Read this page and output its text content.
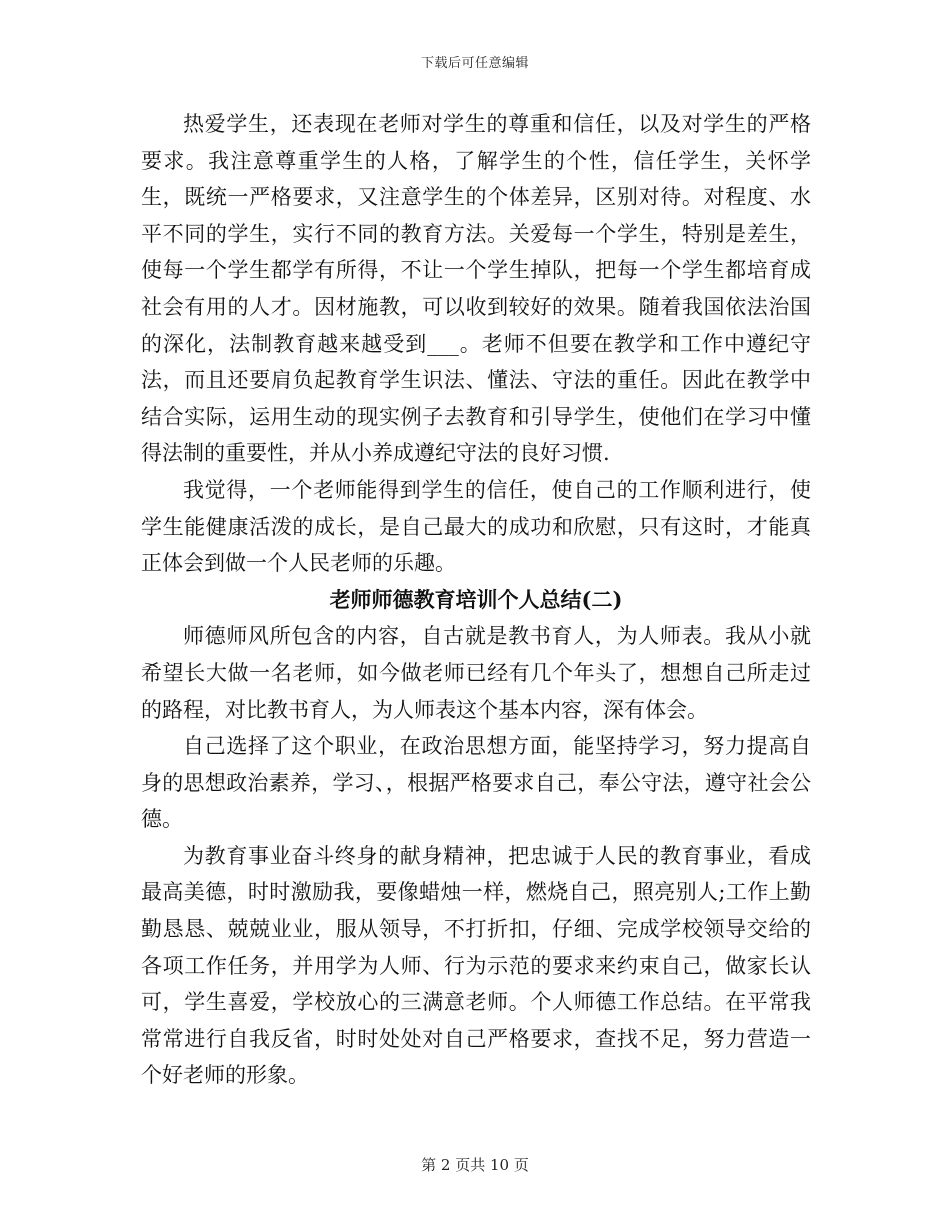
下载后可任意编辑

热爱学生，还表现在老师对学生的尊重和信任，以及对学生的严格要求。我注意尊重学生的人格，了解学生的个性，信任学生，关怀学生，既统一严格要求，又注意学生的个体差异，区别对待。对程度、水平不同的学生，实行不同的教育方法。关爱每一个学生，特别是差生，使每一个学生都学有所得，不让一个学生掉队，把每一个学生都培育成社会有用的人才。因材施教，可以收到较好的效果。随着我国依法治国的深化，法制教育越来越受到___。老师不但要在教学和工作中遵纪守法，而且还要肩负起教育学生识法、懂法、守法的重任。因此在教学中结合实际，运用生动的现实例子去教育和引导学生，使他们在学习中懂得法制的重要性，并从小养成遵纪守法的良好习惯.

我觉得，一个老师能得到学生的信任，使自己的工作顺利进行，使学生能健康活泼的成长，是自己最大的成功和欣慰，只有这时，才能真正体会到做一个人民老师的乐趣。

老师师德教育培训个人总结(二)

师德师风所包含的内容，自古就是教书育人，为人师表。我从小就希望长大做一名老师，如今做老师已经有几个年头了，想想自己所走过的路程，对比教书育人，为人师表这个基本内容，深有体会。

自己选择了这个职业，在政治思想方面，能坚持学习，努力提高自身的思想政治素养，学习、，根据严格要求自己，奉公守法，遵守社会公德。

为教育事业奋斗终身的献身精神，把忠诚于人民的教育事业，看成最高美德，时时激励我，要像蜡烛一样，燃烧自己，照亮别人;工作上勤勤恳恳、兢兢业业，服从领导，不打折扣，仔细、完成学校领导交给的各项工作任务，并用学为人师、行为示范的要求来约束自己，做家长认可，学生喜爱，学校放心的三满意老师。个人师德工作总结。在平常我常常进行自我反省，时时处处对自己严格要求，查找不足，努力营造一个好老师的形象。

第 2 页共 10 页
